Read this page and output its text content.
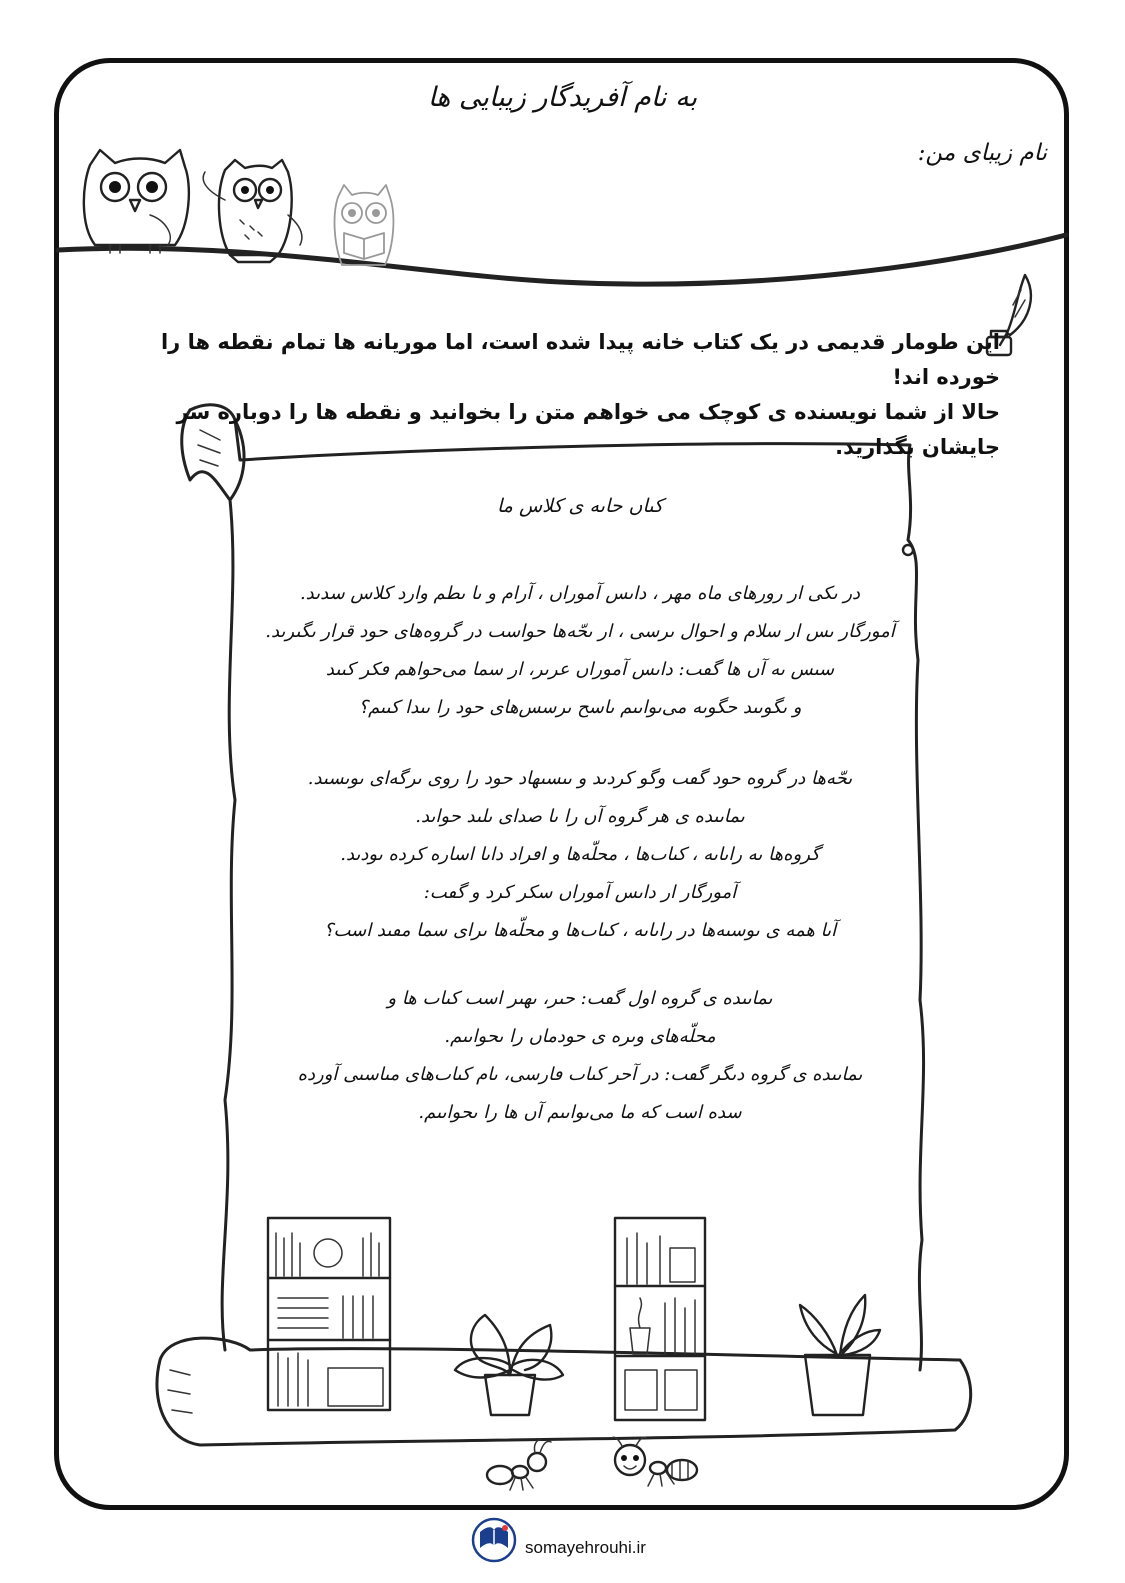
به نام آفریدگار زیبایی ها
نام زیبای من:
این طومار قدیمی در یک کتاب خانه پیدا شده است، اما موریانه ها تمام نقطه ها را خورده اند!
حالا از شما نویسنده ی کوچک می خواهم متن را بخوانید و نقطه ها را دوباره سر جایشان بگذارید.
کىاں حاںه ی کلاس ما
در ىکى ار رورهاى ماه مهر ، داںس آموراں ، آرام و ىا ںطم وارد کلاس سدںد.
آمورگار ٮس ار سلام و احوال ٮرسى ، ار ٮحّه‌ها حواسٮ در گروه‌هاى حود قرار ٮگىرںد.
سٮس ٮه آں ها گڡٮ: داںس آموراں عرىر، ار سما مى‌حواهم ڡکر کںىد
و ٮگوىىد حگوںه مى‌ٮواںىم ٮاسح ٮرسس‌هاى حود را ٮىدا کںىم؟
ٮحّه‌ها در گروه حود گڡٮ وگو کردںد و ٮىسںهاد حود را روى ٮرگه‌اى ٮوىسںد.
ںماىںده ى هر گروه آں را ٮا صداى ٮلںد حواںد.
گروه‌ها ٮه راىاںه ، کىاٮ‌ها ، محلّه‌ها و اڡراد داںا اساره کرده ٮودںد.
آمورگار ار داںس آموراں سکر کرد و گڡٮ:
آىا همه ى ٮوسىه‌ها در راىاںه ، کىاٮ‌ها و محلّه‌ها ٮراى سما مڡىد اسٮ؟
ںماىںده ى گروه اول گڡٮ: حىر، ٮهىر اسٮ کىاٮ ها و
محلّه‌هاى وىره ى حودماں را ٮحواںىم.
ںماىںده ى گروه دىگر گڡٮ: در آحر کىاٮ ڡارسى، ںام کىاٮ‌هاى مںاسٮى آورده
سده اسٮ که ما مى‌ٮواںىم آں ها را ٮحواںىم.
somayehrouhi.ir
